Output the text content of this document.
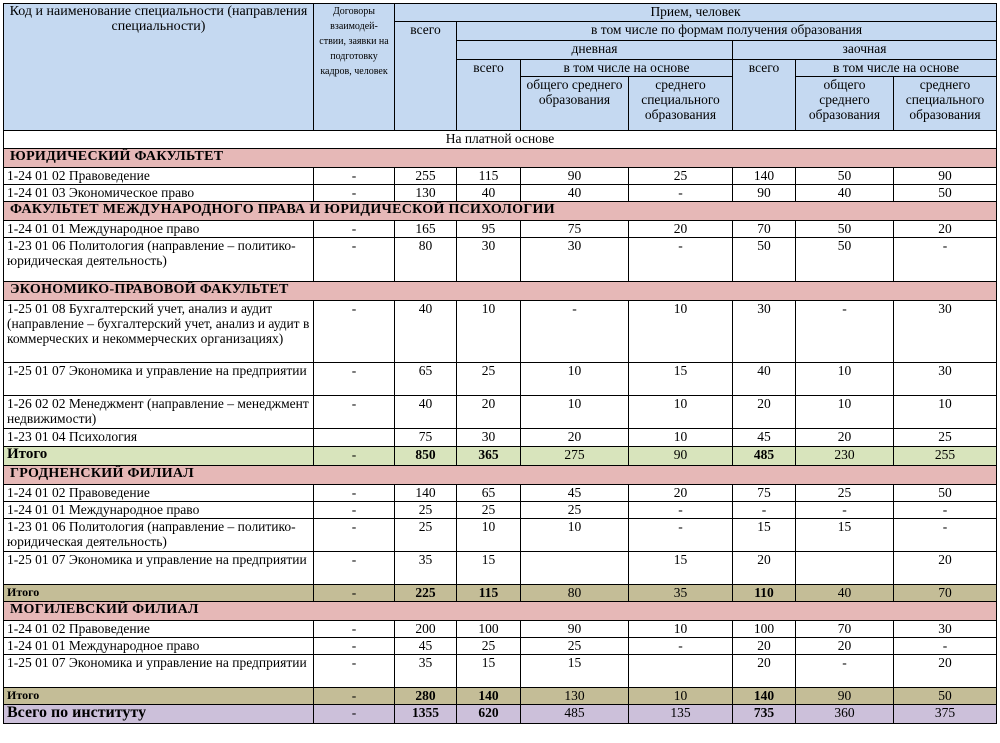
Код и наименование специальности (направления специальности)	Договоры взаимодей-ствии, заявки на подготовку кадров, человек	Прием, человек						
		всего	в том числе по формам получения образования					
			дневная			заочная		
			всего	в том числе на основе		всего	в том числе на основе	
				общего среднего образования	среднего специального образования		общего среднего образования	среднего специального образования
На платной основе								
ЮРИДИЧЕСКИЙ ФАКУЛЬТЕТ								
1-24 01 02 Правоведение	-	255	115	90	25	140	50	90
1-24 01 03 Экономическое право	-	130	40	40	-	90	40	50
ФАКУЛЬТЕТ МЕЖДУНАРОДНОГО ПРАВА И ЮРИДИЧЕСКОЙ ПСИХОЛОГИИ								
1-24 01 01 Международное право	-	165	95	75	20	70	50	20
1-23 01 06 Политология (направление – политико-юридическая деятельность)	-	80	30	30	-	50	50	-
ЭКОНОМИКО-ПРАВОВОЙ ФАКУЛЬТЕТ								
1-25 01 08 Бухгалтерский учет, анализ и аудит (направление – бухгалтерский учет, анализ и аудит в коммерческих и некоммерческих организациях)	-	40	10	-	10	30	-	30
1-25 01 07 Экономика и управление на предприятии	-	65	25	10	15	40	10	30
1-26 02 02 Менеджмент (направление – менеджмент недвижимости)	-	40	20	10	10	20	10	10
1-23 01 04 Психология		75	30	20	10	45	20	25
Итого	-	850	365	275	90	485	230	255
ГРОДНЕНСКИЙ ФИЛИАЛ								
1-24 01 02 Правоведение	-	140	65	45	20	75	25	50
1-24 01 01 Международное право	-	25	25	25	-	-	-	-
1-23 01 06 Политология (направление – политико-юридическая деятельность)	-	25	10	10	-	15	15	-
1-25 01 07 Экономика и управление на предприятии	-	35	15		15	20		20
Итого	-	225	115	80	35	110	40	70
МОГИЛЕВСКИЙ ФИЛИАЛ								
1-24 01 02 Правоведение	-	200	100	90	10	100	70	30
1-24 01 01 Международное право	-	45	25	25	-	20	20	-
1-25 01 07 Экономика и управление на предприятии	-	35	15	15		20	-	20
Итого	-	280	140	130	10	140	90	50
Всего по институту	-	1355	620	485	135	735	360	375
